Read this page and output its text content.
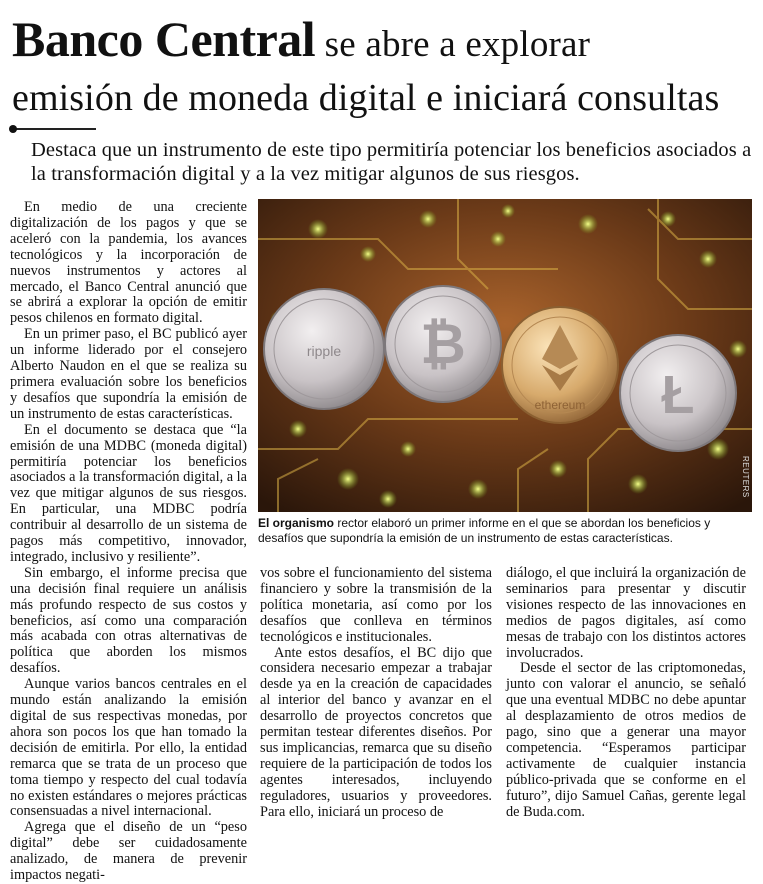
Banco Central se abre a explorar
emisión de moneda digital e iniciará consultas
Destaca que un instrumento de este tipo permitiría potenciar los beneficios asociados a la transformación digital y a la vez mitigar algunos de sus riesgos.

En medio de una creciente digitalización de los pagos y que se aceleró con la pandemia, los avances tecnológicos y la incorporación de nuevos instrumentos y actores al mercado, el Banco Central anunció que se abrirá a explorar la opción de emitir pesos chilenos en formato digital.

En un primer paso, el BC publicó ayer un informe liderado por el consejero Alberto Naudon en el que se realiza su primera evaluación sobre los beneficios y desafíos que supondría la emisión de un instrumento de estas características.

En el documento se destaca que “la emisión de una MDBC (moneda digital) permitiría potenciar los beneficios asociados a la transformación digital, a la vez que mitigar algunos de sus riesgos. En particular, una MDBC podría contribuir al desarrollo de un sistema de pagos más competitivo, innovador, integrado, inclusivo y resiliente”.

Sin embargo, el informe precisa que una decisión final requiere un análisis más profundo respecto de sus costos y beneficios, así como una comparación más acabada con otras alternativas de política que aborden los mismos desafíos.

Aunque varios bancos centrales en el mundo están analizando la emisión digital de sus respectivas monedas, por ahora son pocos los que han tomado la decisión de emitirla. Por ello, la entidad remarca que se trata de un proceso que toma tiempo y respecto del cual todavía no existen estándares o mejores prácticas consensuadas a nivel internacional.

Agrega que el diseño de un “peso digital” debe ser cuidadosamente analizado, de manera de prevenir impactos negati-

ripple ₿
ethereum Ł
REUTERS
El organismo rector elaboró un primer informe en el que se abordan los beneficios y desafíos que supondría la emisión de un instrumento de estas características.

vos sobre el funcionamiento del sistema financiero y sobre la transmisión de la política monetaria, así como por los desafíos que conlleva en términos tecnológicos e institucionales.

Ante estos desafíos, el BC dijo que considera necesario empezar a trabajar desde ya en la creación de capacidades al interior del banco y avanzar en el desarrollo de proyectos concretos que permitan testear diferentes diseños. Por sus implicancias, remarca que su diseño requiere de la participación de todos los agentes interesados, incluyendo reguladores, usuarios y proveedores. Para ello, iniciará un proceso de

diálogo, el que incluirá la organización de seminarios para presentar y discutir visiones respecto de las innovaciones en medios de pagos digitales, así como mesas de trabajo con los distintos actores involucrados.

Desde el sector de las criptomonedas, junto con valorar el anuncio, se señaló que una eventual MDBC no debe apuntar al desplazamiento de otros medios de pago, sino que a generar una mayor competencia. “Esperamos participar activamente de cualquier instancia público-privada que se conforme en el futuro”, dijo Samuel Cañas, gerente legal de Buda.com.
